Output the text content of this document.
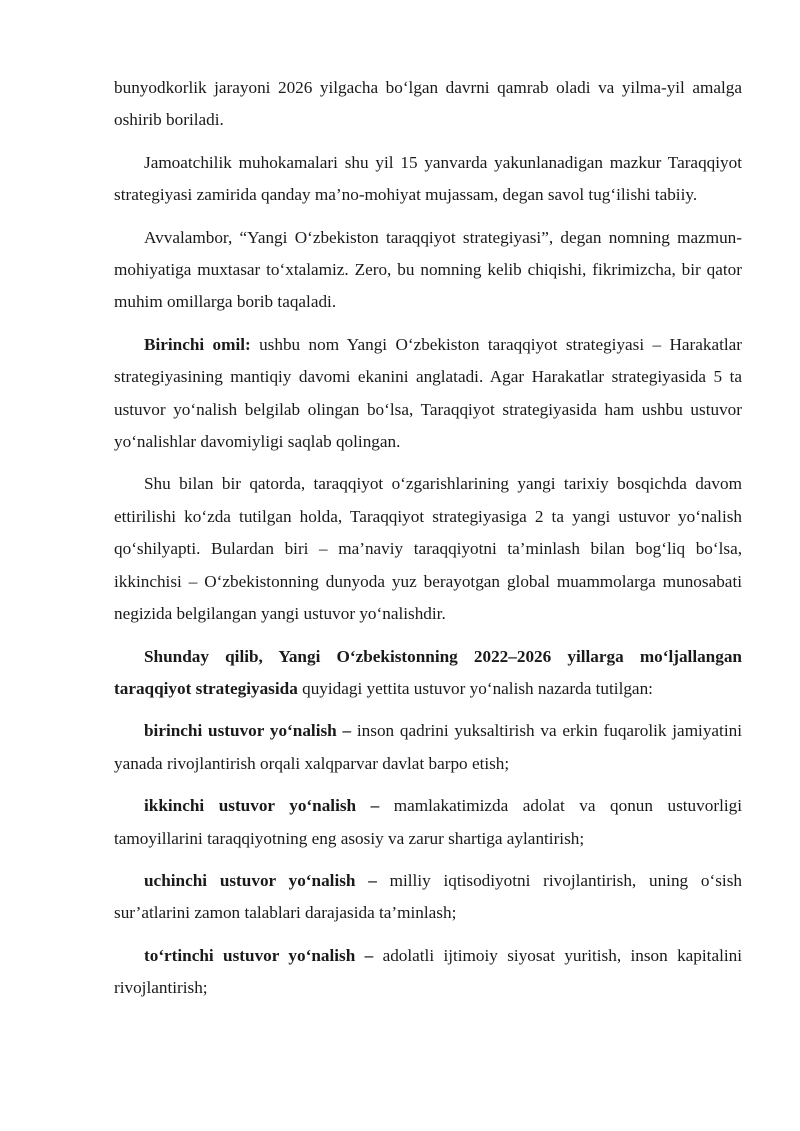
bunyodkorlik jarayoni 2026 yilgacha bo‘lgan davrni qamrab oladi va yilma-yil amalga oshirib boriladi.

Jamoatchilik muhokamalari shu yil 15 yanvarda yakunlanadigan mazkur Taraqqiyot strategiyasi zamirida qanday ma’no-mohiyat mujassam, degan savol tug‘ilishi tabiiy.

Avvalambor, “Yangi O‘zbekiston taraqqiyot strategiyasi”, degan nomning mazmun-mohiyatiga muxtasar to‘xtalamiz. Zero, bu nomning kelib chiqishi, fikrimizcha, bir qator muhim omillarga borib taqaladi.

Birinchi omil: ushbu nom Yangi O‘zbekiston taraqqiyot strategiyasi – Harakatlar strategiyasining mantiqiy davomi ekanini anglatadi. Agar Harakatlar strategiyasida 5 ta ustuvor yo‘nalish belgilab olingan bo‘lsa, Taraqqiyot strategiyasida ham ushbu ustuvor yo‘nalishlar davomiyligi saqlab qolingan.

Shu bilan bir qatorda, taraqqiyot o‘zgarishlarining yangi tarixiy bosqichda davom ettirilishi ko‘zda tutilgan holda, Taraqqiyot strategiyasiga 2 ta yangi ustuvor yo‘nalish qo‘shilyapti. Bulardan biri – ma’naviy taraqqiyotni ta’minlash bilan bog‘liq bo‘lsa, ikkinchisi – O‘zbekistonning dunyoda yuz berayotgan global muammolarga munosabati negizida belgilangan yangi ustuvor yo‘nalishdir.

Shunday qilib, Yangi O‘zbekistonning 2022–2026 yillarga mo‘ljallangan taraqqiyot strategiyasida quyidagi yettita ustuvor yo‘nalish nazarda tutilgan:

birinchi ustuvor yo‘nalish – inson qadrini yuksaltirish va erkin fuqarolik jamiyatini yanada rivojlantirish orqali xalqparvar davlat barpo etish;

ikkinchi ustuvor yo‘nalish – mamlakatimizda adolat va qonun ustuvorligi tamoyillarini taraqqiyotning eng asosiy va zarur shartiga aylantirish;

uchinchi ustuvor yo‘nalish – milliy iqtisodiyotni rivojlantirish, uning o‘sish sur’atlarini zamon talablari darajasida ta’minlash;

to‘rtinchi ustuvor yo‘nalish – adolatli ijtimoiy siyosat yuritish, inson kapitalini rivojlantirish;
